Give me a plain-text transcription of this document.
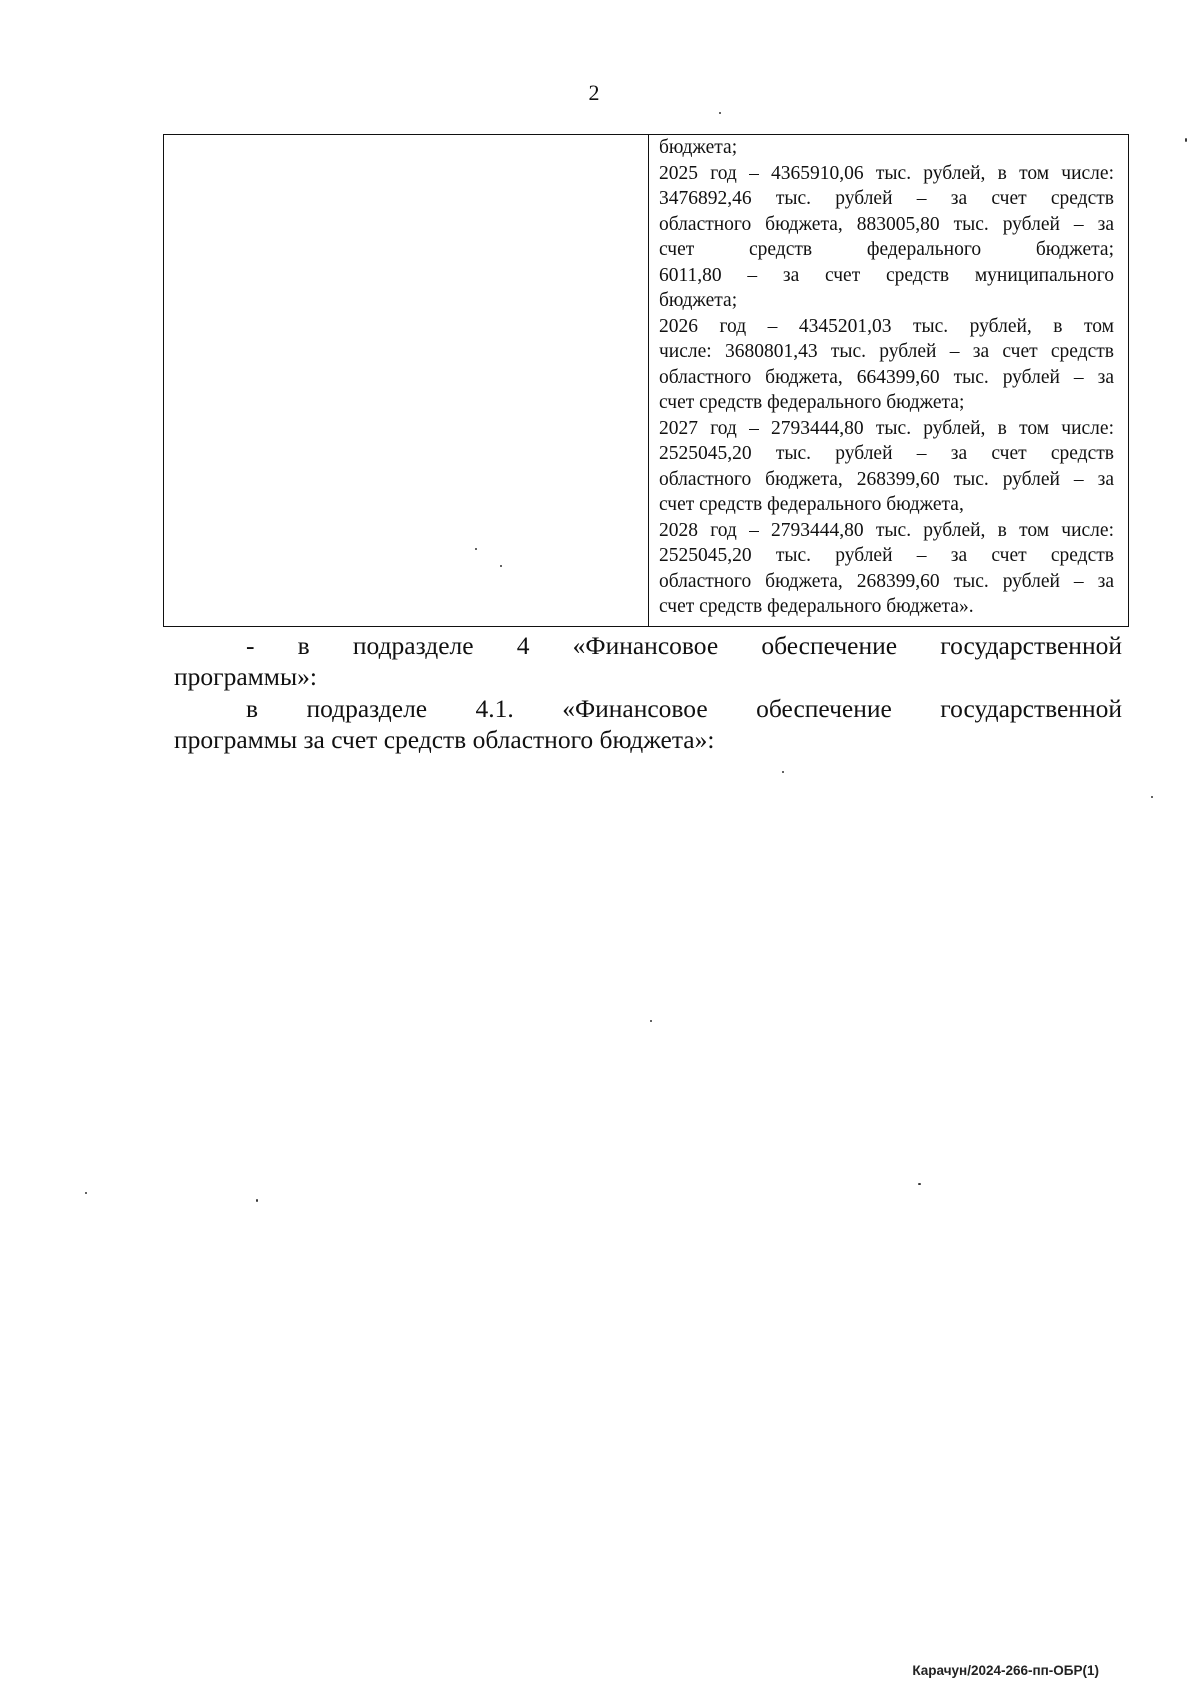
2
бюджета;
2025 год – 4365910,06 тыс. рублей, в том числе:
3476892,46 тыс. рублей – за счет средств
областного бюджета, 883005,80 тыс. рублей – за
счет средств федерального бюджета;
6011,80 – за счет средств муниципального
бюджета;
2026 год – 4345201,03 тыс. рублей, в том
числе: 3680801,43 тыс. рублей – за счет средств
областного бюджета, 664399,60 тыс. рублей – за
счет средств федерального бюджета;
2027 год – 2793444,80 тыс. рублей, в том числе:
2525045,20 тыс. рублей – за счет средств
областного бюджета, 268399,60 тыс. рублей – за
счет средств федерального бюджета,
2028 год – 2793444,80 тыс. рублей, в том числе:
2525045,20 тыс. рублей – за счет средств
областного бюджета, 268399,60 тыс. рублей – за
счет средств федерального бюджета».
- в подразделе 4 «Финансовое обеспечение государственной
программы»:
в подразделе 4.1. «Финансовое обеспечение государственной
программы за счет средств областного бюджета»:
Карачун/2024-266-пп-ОБР(1)
